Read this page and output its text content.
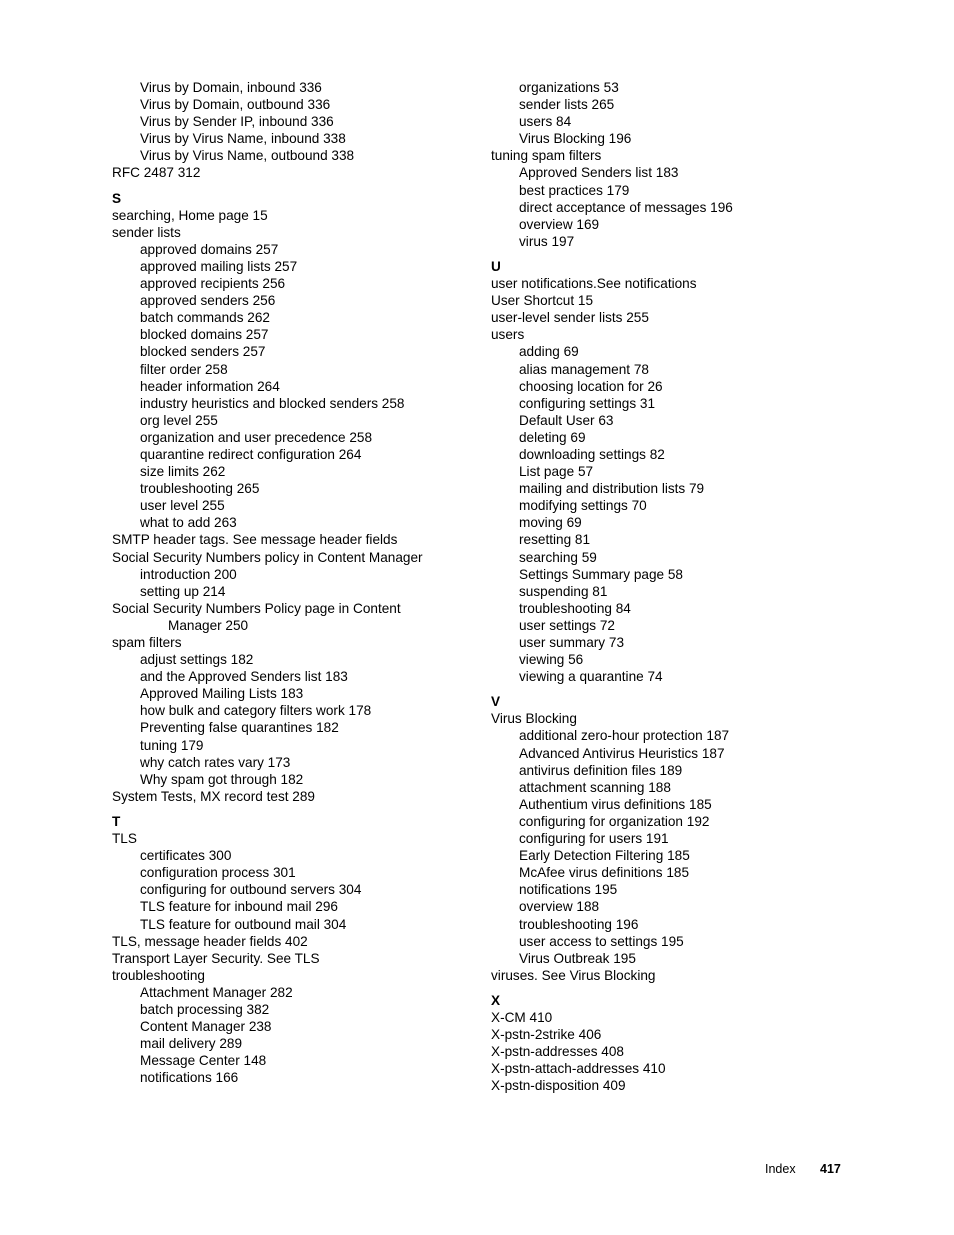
Virus by Domain, inbound 336
Virus by Domain, outbound 336
Virus by Sender IP, inbound 336
Virus by Virus Name, inbound 338
Virus by Virus Name, outbound 338
RFC 2487 312
S
searching, Home page 15
sender lists
approved domains 257
approved mailing lists 257
approved recipients 256
approved senders 256
batch commands 262
blocked domains 257
blocked senders 257
filter order 258
header information 264
industry heuristics and blocked senders 258
org level 255
organization and user precedence 258
quarantine redirect configuration 264
size limits 262
troubleshooting 265
user level 255
what to add 263
SMTP header tags. See message header fields
Social Security Numbers policy in Content Manager
introduction 200
setting up 214
Social Security Numbers Policy page in Content
Manager 250
spam filters
adjust settings 182
and the Approved Senders list 183
Approved Mailing Lists 183
how bulk and category filters work 178
Preventing false quarantines 182
tuning 179
why catch rates vary 173
Why spam got through 182
System Tests, MX record test 289
T
TLS
certificates 300
configuration process 301
configuring for outbound servers 304
TLS feature for inbound mail 296
TLS feature for outbound mail 304
TLS, message header fields 402
Transport Layer Security. See TLS
troubleshooting
Attachment Manager 282
batch processing 382
Content Manager 238
mail delivery 289
Message Center 148
notifications 166
organizations 53
sender lists 265
users 84
Virus Blocking 196
tuning spam filters
Approved Senders list 183
best practices 179
direct acceptance of messages 196
overview 169
virus 197
U
user notifications.See notifications
User Shortcut 15
user-level sender lists 255
users
adding 69
alias management 78
choosing location for 26
configuring settings 31
Default User 63
deleting 69
downloading settings 82
List page 57
mailing and distribution lists 79
modifying settings 70
moving 69
resetting 81
searching 59
Settings Summary page 58
suspending 81
troubleshooting 84
user settings 72
user summary 73
viewing 56
viewing a quarantine 74
V
Virus Blocking
additional zero-hour protection 187
Advanced Antivirus Heuristics 187
antivirus definition files 189
attachment scanning 188
Authentium virus definitions 185
configuring for organization 192
configuring for users 191
Early Detection Filtering 185
McAfee virus definitions 185
notifications 195
overview 188
troubleshooting 196
user access to settings 195
Virus Outbreak 195
viruses. See Virus Blocking
X
X-CM 410
X-pstn-2strike 406
X-pstn-addresses 408
X-pstn-attach-addresses 410
X-pstn-disposition 409
Index 417
